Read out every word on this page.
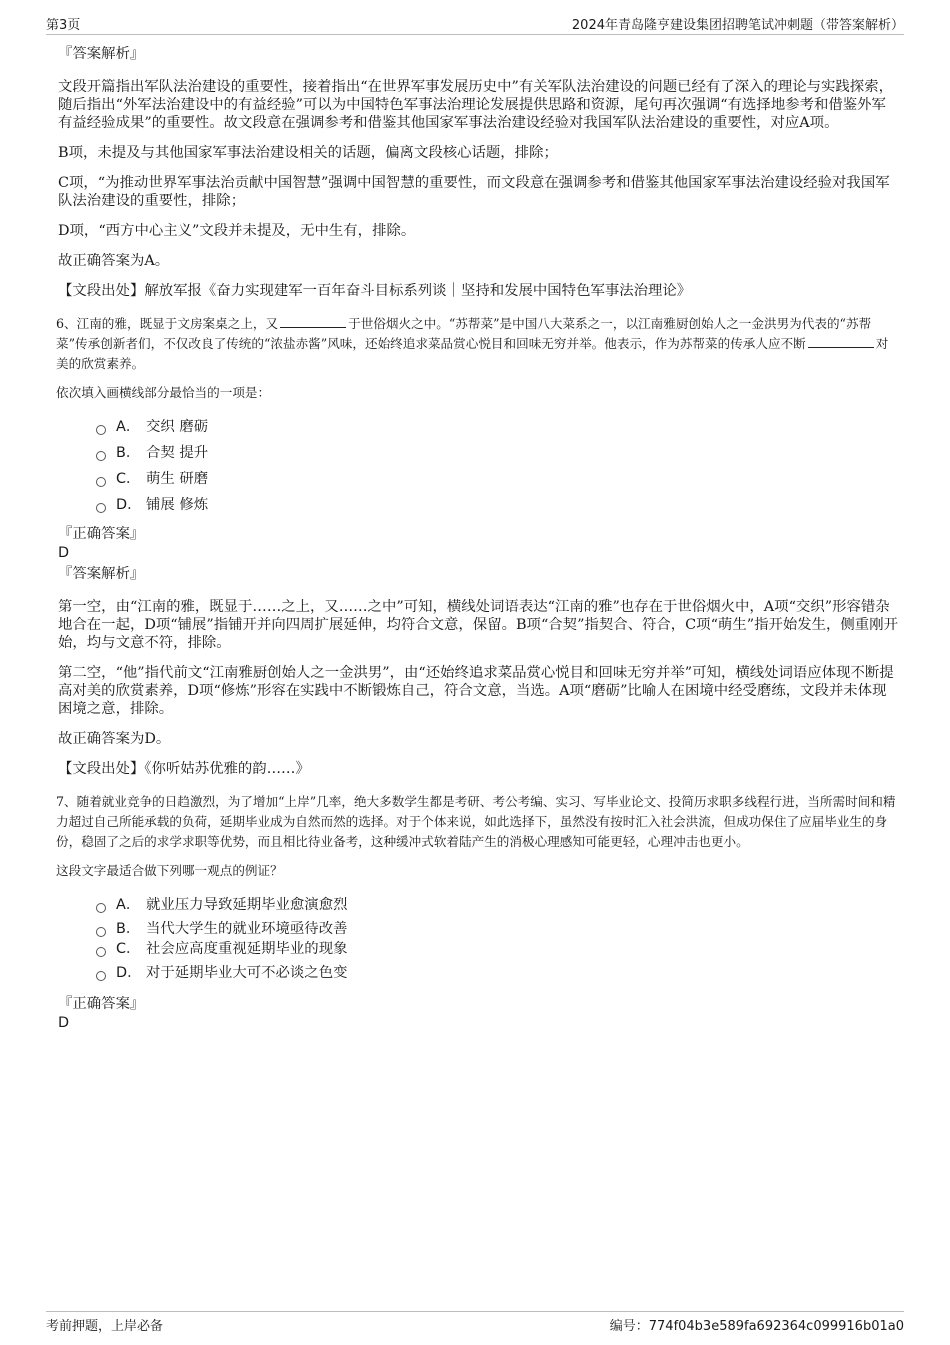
第3页	2024年青岛隆亨建设集团招聘笔试冲刺题（带答案解析）
『答案解析』

文段开篇指出军队法治建设的重要性，接着指出“在世界军事发展历史中”有关军队法治建设的问题已经有了深入的理论与实践探索，随后指出“外军法治建设中的有益经验”可以为中国特色军事法治理论发展提供思路和资源，尾句再次强调“有选择地参考和借鉴外军有益经验成果”的重要性。故文段意在强调参考和借鉴其他国家军事法治建设经验对我国军队法治建设的重要性，对应A项。

B项，未提及与其他国家军事法治建设相关的话题，偏离文段核心话题，排除；

C项，“为推动世界军事法治贡献中国智慧”强调中国智慧的重要性，而文段意在强调参考和借鉴其他国家军事法治建设经验对我国军队法治建设的重要性，排除；

D项，“西方中心主义”文段并未提及，无中生有，排除。

故正确答案为A。

【文段出处】解放军报《奋力实现建军一百年奋斗目标系列谈｜坚持和发展中国特色军事法治理论》

6、江南的雅，既显于文房案桌之上，又	于世俗烟火之中。“苏帮菜”是中国八大菜系之一，以江南雅厨创始人之一金洪男为代表的“苏帮菜”传承创新者们，不仅改良了传统的“浓盐赤酱”风味，还始终追求菜品赏心悦目和回味无穷并举。他表示，作为苏帮菜的传承人应不断	对美的欣赏素养。
依次填入画横线部分最恰当的一项是：
A． 交织 磨砺
B． 合契 提升
C． 萌生 研磨
D． 铺展 修炼
『正确答案』
D
『答案解析』

第一空，由“江南的雅，既显于……之上，又……之中”可知，横线处词语表达“江南的雅”也存在于世俗烟火中，A项“交织”形容错杂地合在一起，D项“铺展”指铺开并向四周扩展延伸，均符合文意，保留。B项“合契”指契合、符合，C项“萌生”指开始发生，侧重刚开始，均与文意不符，排除。

第二空，“他”指代前文“江南雅厨创始人之一金洪男”，由“还始终追求菜品赏心悦目和回味无穷并举”可知，横线处词语应体现不断提高对美的欣赏素养，D项“修炼”形容在实践中不断锻炼自己，符合文意，当选。A项“磨砺”比喻人在困境中经受磨练，文段并未体现困境之意，排除。

故正确答案为D。

【文段出处】《你听姑苏优雅的韵……》

7、随着就业竞争的日趋激烈，为了增加“上岸”几率，绝大多数学生都是考研、考公考编、实习、写毕业论文、投简历求职多线程行进，当所需时间和精力超过自己所能承载的负荷，延期毕业成为自然而然的选择。对于个体来说，如此选择下，虽然没有按时汇入社会洪流，但成功保住了应届毕业生的身份，稳固了之后的求学求职等优势，而且相比待业备考，这种缓冲式软着陆产生的消极心理感知可能更轻，心理冲击也更小。
这段文字最适合做下列哪一观点的例证？
A． 就业压力导致延期毕业愈演愈烈
B． 当代大学生的就业环境亟待改善
C． 社会应高度重视延期毕业的现象
D． 对于延期毕业大可不必谈之色变
『正确答案』
D
考前押题，上岸必备	编号：774f04b3e589fa692364c099916b01a0
